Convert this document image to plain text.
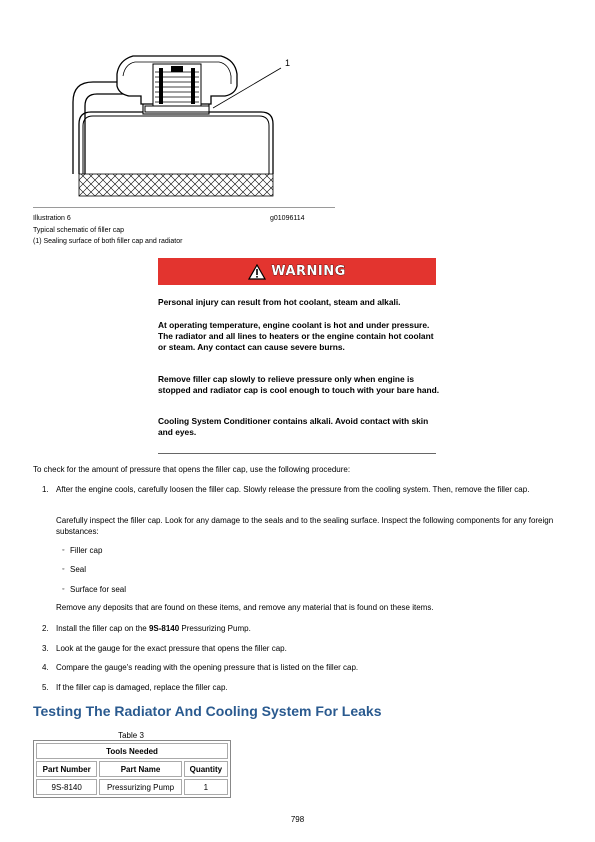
1
Illustration 6	g01096114
Typical schematic of filler cap
(1) Sealing surface of both filler cap and radiator
WARNING
Personal injury can result from hot coolant, steam and alkali.
At operating temperature, engine coolant is hot and under pressure. The radiator and all lines to heaters or the engine contain hot coolant or steam. Any contact can cause severe burns.
Remove filler cap slowly to relieve pressure only when engine is stopped and radiator cap is cool enough to touch with your bare hand.
Cooling System Conditioner contains alkali. Avoid contact with skin and eyes.
To check for the amount of pressure that opens the filler cap, use the following procedure:
1. After the engine cools, carefully loosen the filler cap. Slowly release the pressure from the cooling system. Then, remove the filler cap.
Carefully inspect the filler cap. Look for any damage to the seals and to the sealing surface. Inspect the following components for any foreign substances:
◦ Filler cap
◦ Seal
◦ Surface for seal
Remove any deposits that are found on these items, and remove any material that is found on these items.
2. Install the filler cap on the 9S-8140 Pressurizing Pump.
3. Look at the gauge for the exact pressure that opens the filler cap.
4. Compare the gauge's reading with the opening pressure that is listed on the filler cap.
5. If the filler cap is damaged, replace the filler cap.
Testing The Radiator And Cooling System For Leaks
Table 3
Tools Needed		
Part Number	Part Name	Quantity
9S-8140	Pressurizing Pump	1
798
